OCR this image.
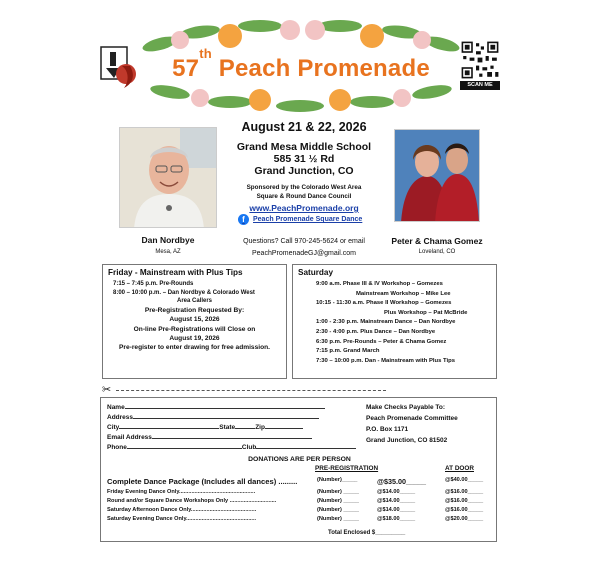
57th Peach Promenade
SCAN ME
August 21 & 22, 2026
Grand Mesa Middle School
585 31 ½ Rd
Grand Junction, CO
Sponsored by the Colorado West Area
Square & Round Dance Council
www.PeachPromenade.org
f	Peach Promenade Square Dance
Questions? Call 970-245-5624 or email
PeachPromenadeGJ@gmail.com
Dan Nordbye
Mesa, AZ
Peter & Chama Gomez
Loveland, CO
Friday - Mainstream with Plus Tips
7:15 – 7:45 p.m. Pre-Rounds
8:00 – 10:00 p.m. – Dan Nordbye & Colorado West
Area Callers
Pre-Registration Requested By:
August 15, 2026
On-line Pre-Registrations will Close on
August 19, 2026
Pre-register to enter drawing for free admission.
Saturday
9:00 a.m. Phase III & IV Workshop – Gomezes
Mainstream Workshop – Mike Lee
10:15 - 11:30 a.m. Phase II Workshop – Gomezes
Plus Workshop – Pat McBride
1:00 - 2:30 p.m. Mainstream Dance – Dan Nordbye
2:30 - 4:00 p.m. Plus Dance – Dan Nordbye
6:30 p.m. Pre-Rounds – Peter & Chama Gomez
7:15 p.m. Grand March
7:30 – 10:00 p.m. Dan - Mainstream with Plus Tips
✂
Name
Address
City	State	Zip
Email Address
Phone	Club
Make Checks Payable To:
Peach Promenade Committee
P.O. Box 1171
Grand Junction, CO 81502
DONATIONS ARE PER PERSON
PRE-REGISTRATION	AT DOOR
Complete Dance Package (Includes all dances) .........	(Number)_____	@$35.00_____	@$40.00_____
Friday Evening Dance Only.................................................	(Number) _____	@$14.00_____	@$16.00_____
Round and/or Square Dance Workshops Only ..............................	(Number) _____	@$14.00_____	@$16.00_____
Saturday Afternoon Dance Only..........................................	(Number) _____	@$14.00_____	@$16.00_____
Saturday Evening Dance Only.............................................	(Number) _____	@$18.00_____	@$20.00_____
Total Enclosed $_________
